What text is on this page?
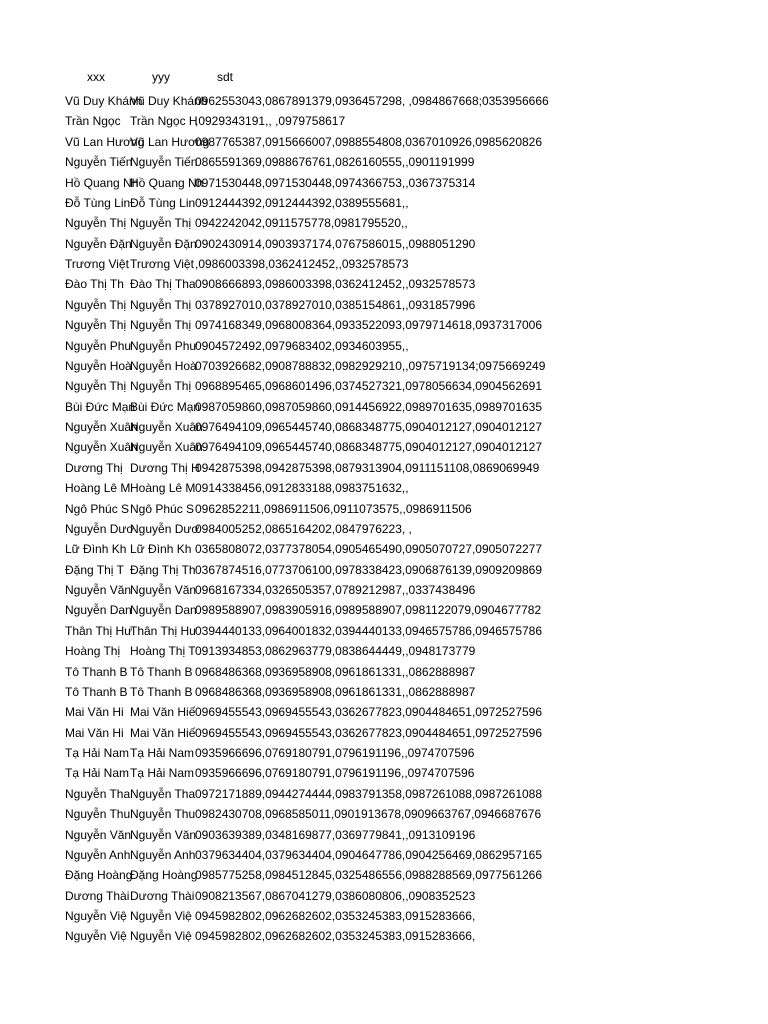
xxx	yyy	sdt
Vũ Duy Khánh
Vũ Duy Khánh
0962553043,0867891379,0936457298, ,0984867668;0353956666
Trần Ngọc Trần Ngọc H
,0929343191,, ,0979758617
Vũ Lan Hương
Vũ Lan Hương
0987765387,0915666007,0988554808,0367010926,0985620826
Nguyễn Tiến
Nguyễn Tiến
0865591369,0988676761,0826160555,,0901191999
Hồ Quang Nh
Hồ Quang Nh
0971530448,0971530448,0974366753,,0367375314
Đỗ Tùng Lin Đỗ Tùng Lin 0912444392,0912444392,0389555681,,
Nguyễn Thị Nguyễn Thị 0942242042,0911575778,0981795520,,
Nguyễn Đặn
Nguyễn Đặn
0902430914,0903937174,0767586015,,0988051290
Trương Việt Trương Việt ,0986003398,0362412452,,0932578573
Đào Thị Th Đào Thị Tha 0908666893,0986003398,0362412452,,0932578573
Nguyễn Thị Nguyễn Thị 0378927010,0378927010,0385154861,,0931857996
Nguyễn Thị Nguyễn Thị 0974168349,0968008364,0933522093,0979714618,0937317006
Nguyễn Phư
Nguyễn Phư
0904572492,0979683402,0934603955,,
Nguyễn Hoà
Nguyễn Hoà
0703926682,0908788832,0982929210,,0975719134;0975669249
Nguyễn Thị Nguyễn Thị 0968895465,0968601496,0374527321,0978056634,0904562691
Bùi Đức Mạn
Bùi Đức Mạn
0987059860,0987059860,0914456922,0989701635,0989701635
Nguyễn Xuân
Nguyễn Xuân
0976494109,0965445740,0868348775,0904012127,0904012127
Nguyễn Xuân
Nguyễn Xuân
0976494109,0965445740,0868348775,0904012127,0904012127
Dương Thị Dương Thị H
0942875398,0942875398,0879313904,0911151108,0869069949
Hoàng Lê M Hoàng Lê M 0914338456,0912833188,0983751632,,
Ngô Phúc S Ngô Phúc S 0962852211,0986911506,0911073575,,0986911506
Nguyễn Dươ
Nguyễn Dươ
0984005252,0865164202,0847976223, ,
Lữ Đình Kh Lữ Đình Kh 0365808072,0377378054,0905465490,0905070727,0905072277
Đặng Thị T Đặng Thị Th 0367874516,0773706100,0978338423,0906876139,0909209869
Nguyễn Văn
Nguyễn Văn
0968167334,0326505357,0789212987,,0337438496
Nguyễn Dan
Nguyễn Dan
0989588907,0983905916,0989588907,0981122079,0904677782
Thân Thị Hư
Thân Thị Hư
0394440133,0964001832,0394440133,0946575786,0946575786
Hoàng Thị Hoàng Thị T 0913934853,0862963779,0838644449,,0948173779
Tô Thanh B Tô Thanh B 0968486368,0936958908,0961861331,,0862888987
Tô Thanh B Tô Thanh B 0968486368,0936958908,0961861331,,0862888987
Mai Văn Hi Mai Văn Hiế 0969455543,0969455543,0362677823,0904484651,0972527596
Mai Văn Hi Mai Văn Hiế 0969455543,0969455543,0362677823,0904484651,0972527596
Tạ Hải Nam Tạ Hải Nam 0935966696,0769180791,0796191196,,0974707596
Tạ Hải Nam Tạ Hải Nam 0935966696,0769180791,0796191196,,0974707596
Nguyễn Tha Nguyễn Tha 0972171889,0944274444,0983791358,0987261088,0987261088
Nguyễn Thu Nguyễn Thu 0982430708,0968585011,0901913678,0909663767,0946687676
Nguyễn Văn
Nguyễn Văn
0903639389,0348169877,0369779841,,0913109196
Nguyễn Anh Nguyễn Anh 0379634404,0379634404,0904647786,0904256469,0862957165
Đặng Hoàng
Đặng Hoàng
0985775258,0984512845,0325486556,0988288569,0977561266
Dương Thài Dương Thài 0908213567,0867041279,0386080806,,0908352523
Nguyễn Việ Nguyễn Việ 0945982802,0962682602,0353245383,0915283666,
Nguyễn Việ Nguyễn Việ 0945982802,0962682602,0353245383,0915283666,
